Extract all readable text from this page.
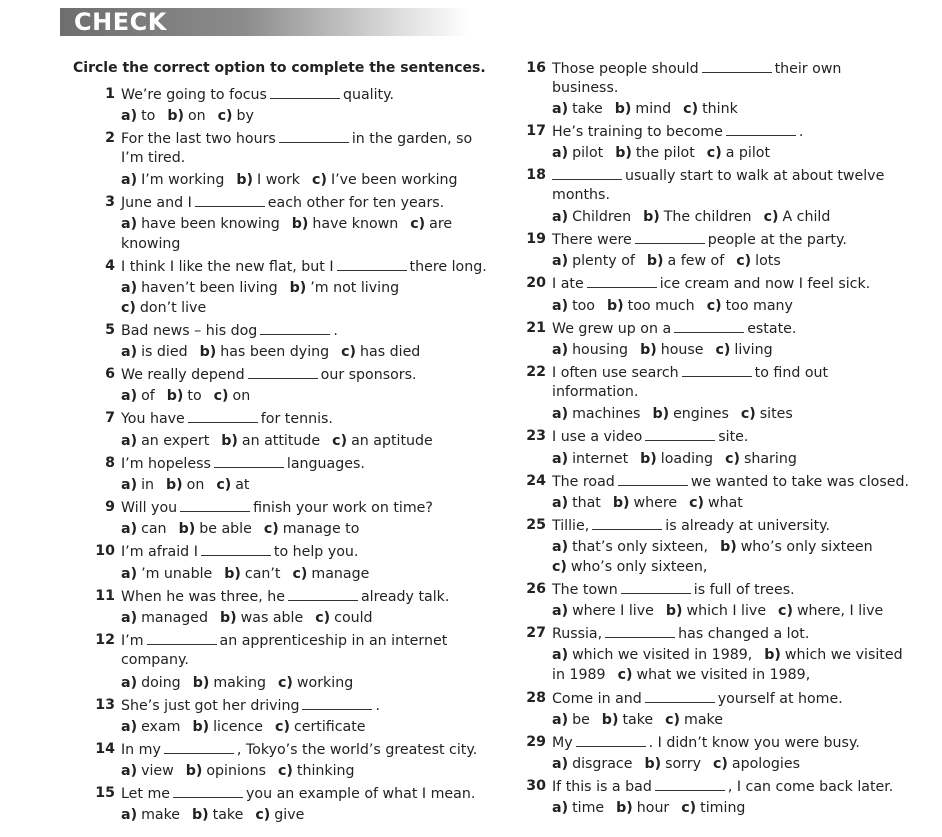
CHECK
Circle the correct option to complete the sentences.
1 We’re going to focus	quality.
a) to b) on c) by
2 For the last two hours	in the garden, so
I’m tired.
a) I’m working b) I work c) I’ve been working
3 June and I	each other for ten years.
a) have been knowing b) have known c) are
knowing
4 I think I like the new flat, but I	there long.
a) haven’t been living b) ’m not living
c) don’t live
5 Bad news – his dog	.
a) is died b) has been dying c) has died
6 We really depend	our sponsors.
a) of b) to c) on
7 You have	for tennis.
a) an expert b) an attitude c) an aptitude
8 I’m hopeless	languages.
a) in b) on c) at
9 Will you	finish your work on time?
a) can b) be able c) manage to
10 I’m afraid I	to help you.
a) ’m unable b) can’t c) manage
11 When he was three, he	already talk.
a) managed b) was able c) could
12 I’m	an apprenticeship in an internet
company.
a) doing b) making c) working
13 She’s just got her driving	.
a) exam b) licence c) certificate
14 In my	, Tokyo’s the world’s greatest city.
a) view b) opinions c) thinking
15 Let me	you an example of what I mean.
a) make b) take c) give
16 Those people should	their own
business.
a) take b) mind c) think
17 He’s training to become	.
a) pilot b) the pilot c) a pilot
18	usually start to walk at about twelve
months.
a) Children b) The children c) A child
19 There were	people at the party.
a) plenty of b) a few of c) lots
20 I ate	ice cream and now I feel sick.
a) too b) too much c) too many
21 We grew up on a	estate.
a) housing b) house c) living
22 I often use search	to find out
information.
a) machines b) engines c) sites
23 I use a video	site.
a) internet b) loading c) sharing
24 The road	we wanted to take was closed.
a) that b) where c) what
25 Tillie,	is already at university.
a) that’s only sixteen, b) who’s only sixteen
c) who’s only sixteen,
26 The town	is full of trees.
a) where I live b) which I live c) where, I live
27 Russia,	has changed a lot.
a) which we visited in 1989, b) which we visited
in 1989 c) what we visited in 1989,
28 Come in and	yourself at home.
a) be b) take c) make
29 My	. I didn’t know you were busy.
a) disgrace b) sorry c) apologies
30 If this is a bad	, I can come back later.
a) time b) hour c) timing
